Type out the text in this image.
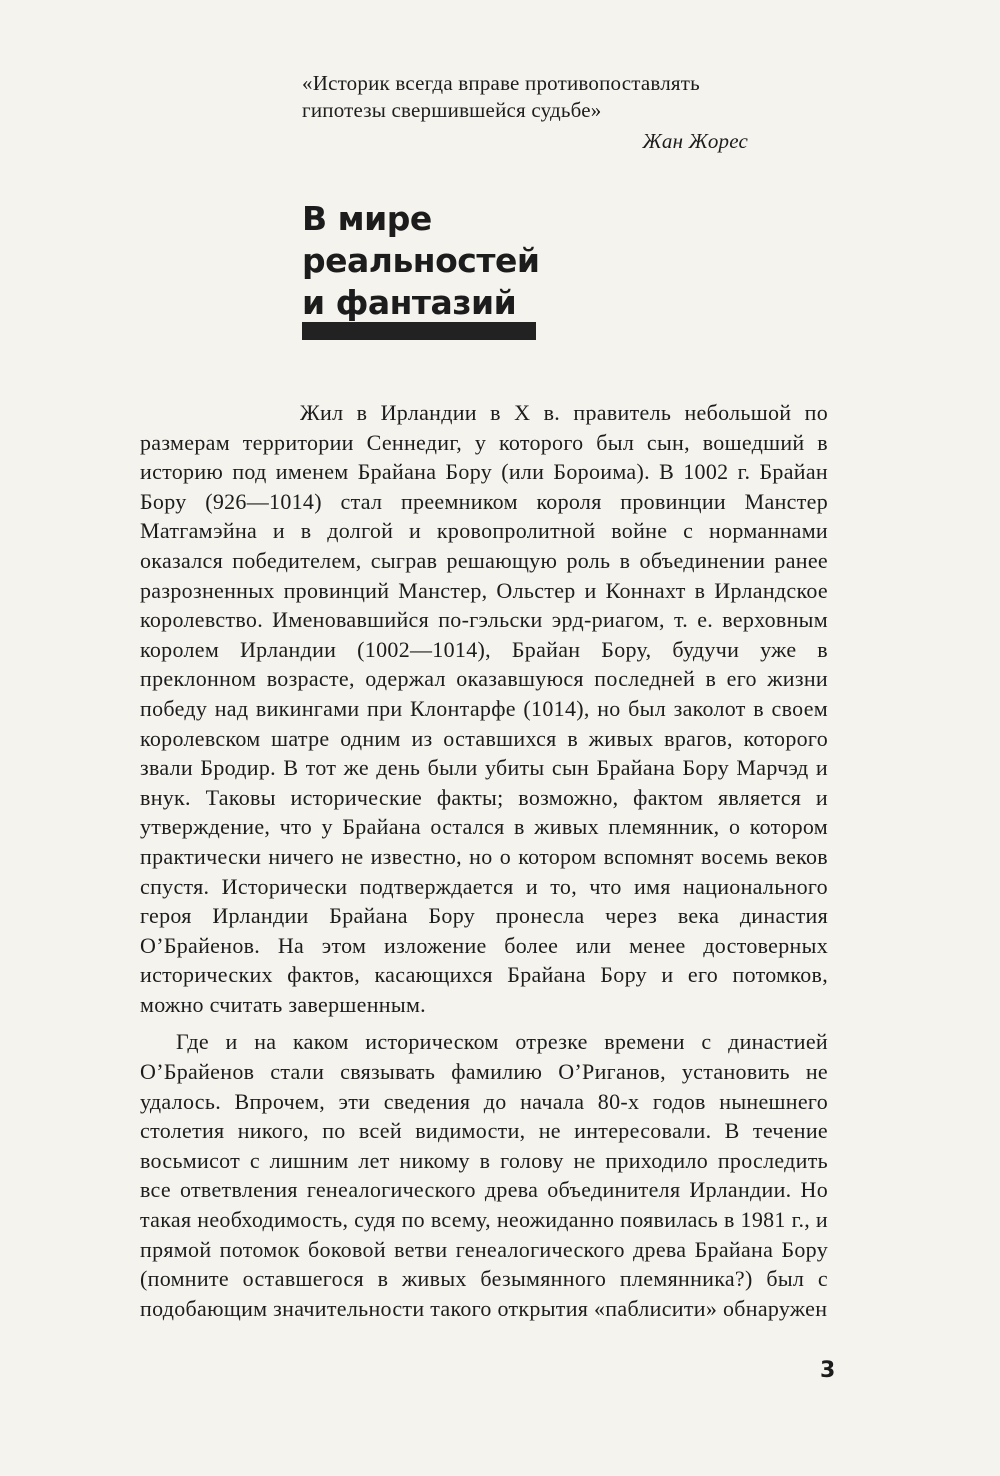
«Историк всегда вправе противопоставлять
гипотезы свершившейся судьбе»
Жан Жорес
В мире
реальностей
и фантазий

Жил в Ирландии в X в. правитель небольшой по размерам территории Сеннедиг, у которого был сын, вошедший в историю под именем Брайана Бору (или Бороима). В 1002 г. Брайан Бору (926—1014) стал преемником короля провинции Манстер Матгамэйна и в долгой и кровопролитной войне с норманнами оказался победителем, сыграв решающую роль в объединении ранее разрозненных провинций Манстер, Ольстер и Коннахт в Ирландское королевство. Именовавшийся по-гэльски эрд-риагом, т. е. верховным королем Ирландии (1002—1014), Брайан Бору, будучи уже в преклонном возрасте, одержал оказавшуюся последней в его жизни победу над викингами при Клонтарфе (1014), но был заколот в своем королевском шатре одним из оставшихся в живых врагов, которого звали Бродир. В тот же день были убиты сын Брайана Бору Марчэд и внук. Таковы исторические факты; возможно, фактом является и утверждение, что у Брайана остался в живых племянник, о котором практически ничего не известно, но о котором вспомнят восемь веков спустя. Исторически подтверждается и то, что имя национального героя Ирландии Брайана Бору пронесла через века династия О’Брайенов. На этом изложение более или менее достоверных исторических фактов, касающихся Брайана Бору и его потомков, можно считать завершенным.

Где и на каком историческом отрезке времени с династией О’Брайенов стали связывать фамилию О’Риганов, установить не удалось. Впрочем, эти сведения до начала 80-х годов нынешнего столетия никого, по всей видимости, не интересовали. В течение восьмисот с лишним лет никому в голову не приходило проследить все ответвления генеалогического древа объединителя Ирландии. Но такая необходимость, судя по всему, неожиданно появилась в 1981 г., и прямой потомок боковой ветви генеалогического древа Брайана Бору (помните оставшегося в живых безымянного племянника?) был с подобающим значительности такого открытия «паблисити» обнаружен

3
